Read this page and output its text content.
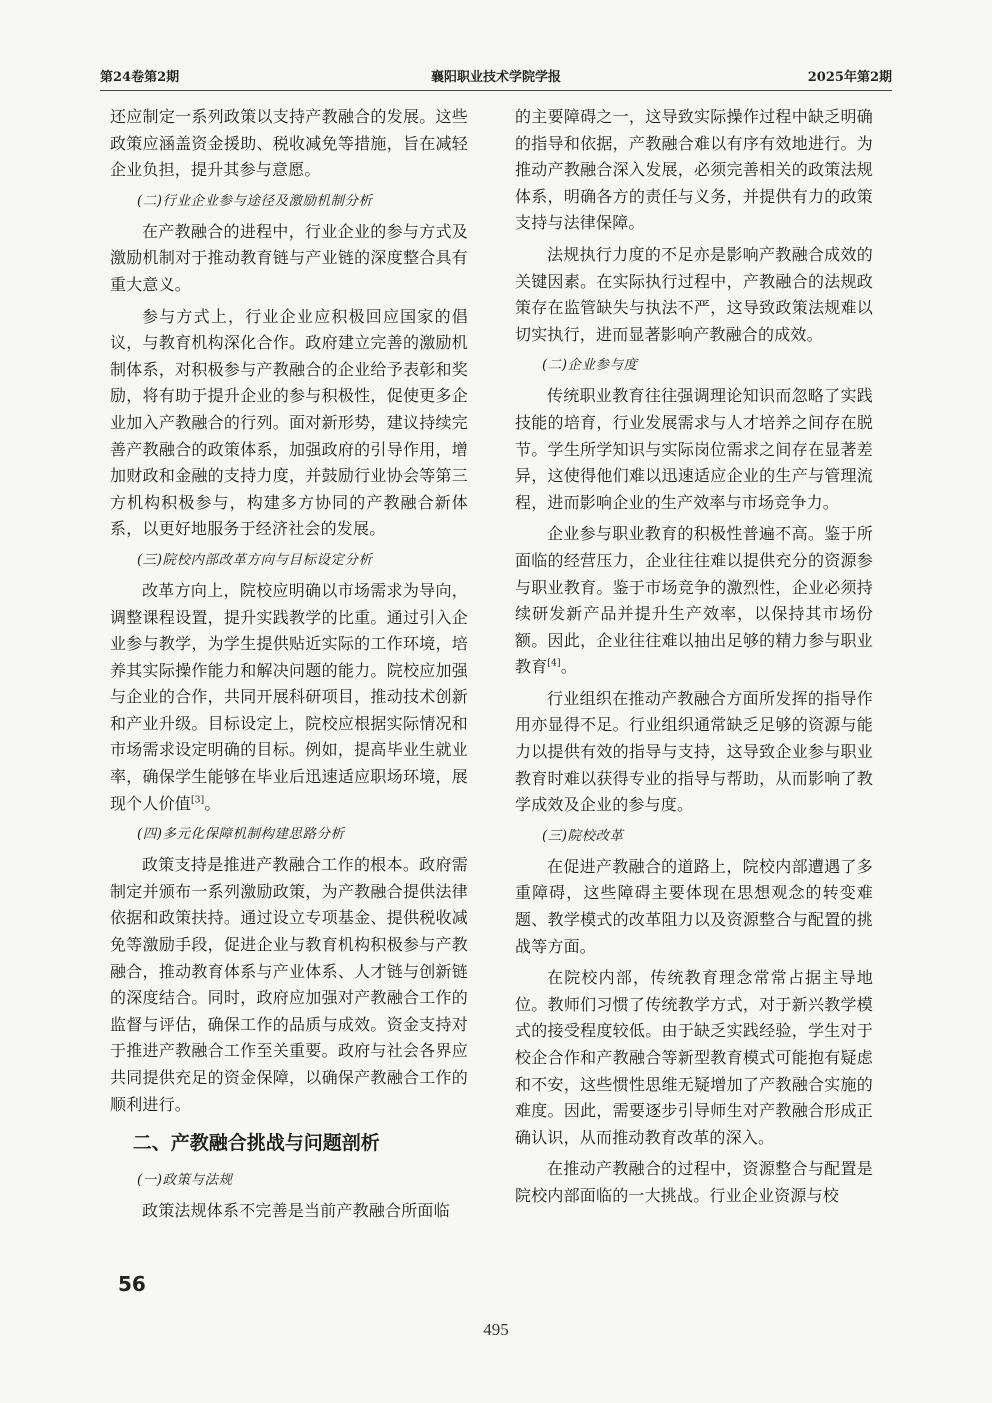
第24卷第2期	襄阳职业技术学院学报	2025年第2期

还应制定一系列政策以支持产教融合的发展。这些政策应涵盖资金援助、税收减免等措施，旨在减轻企业负担，提升其参与意愿。

(二)行业企业参与途径及激励机制分析

在产教融合的进程中，行业企业的参与方式及激励机制对于推动教育链与产业链的深度整合具有重大意义。

参与方式上，行业企业应积极回应国家的倡议，与教育机构深化合作。政府建立完善的激励机制体系，对积极参与产教融合的企业给予表彰和奖励，将有助于提升企业的参与积极性，促使更多企业加入产教融合的行列。面对新形势，建议持续完善产教融合的政策体系，加强政府的引导作用，增加财政和金融的支持力度，并鼓励行业协会等第三方机构积极参与，构建多方协同的产教融合新体系，以更好地服务于经济社会的发展。

(三)院校内部改革方向与目标设定分析

改革方向上，院校应明确以市场需求为导向，调整课程设置，提升实践教学的比重。通过引入企业参与教学，为学生提供贴近实际的工作环境，培养其实际操作能力和解决问题的能力。院校应加强与企业的合作，共同开展科研项目，推动技术创新和产业升级。目标设定上，院校应根据实际情况和市场需求设定明确的目标。例如，提高毕业生就业率，确保学生能够在毕业后迅速适应职场环境，展现个人价值[3]。

(四)多元化保障机制构建思路分析

政策支持是推进产教融合工作的根本。政府需制定并颁布一系列激励政策，为产教融合提供法律依据和政策扶持。通过设立专项基金、提供税收减免等激励手段，促进企业与教育机构积极参与产教融合，推动教育体系与产业体系、人才链与创新链的深度结合。同时，政府应加强对产教融合工作的监督与评估，确保工作的品质与成效。资金支持对于推进产教融合工作至关重要。政府与社会各界应共同提供充足的资金保障，以确保产教融合工作的顺利进行。

二、产教融合挑战与问题剖析
(一)政策与法规

政策法规体系不完善是当前产教融合所面临

的主要障碍之一，这导致实际操作过程中缺乏明确的指导和依据，产教融合难以有序有效地进行。为推动产教融合深入发展，必须完善相关的政策法规体系，明确各方的责任与义务，并提供有力的政策支持与法律保障。

法规执行力度的不足亦是影响产教融合成效的关键因素。在实际执行过程中，产教融合的法规政策存在监管缺失与执法不严，这导致政策法规难以切实执行，进而显著影响产教融合的成效。

(二)企业参与度

传统职业教育往往强调理论知识而忽略了实践技能的培育，行业发展需求与人才培养之间存在脱节。学生所学知识与实际岗位需求之间存在显著差异，这使得他们难以迅速适应企业的生产与管理流程，进而影响企业的生产效率与市场竞争力。

企业参与职业教育的积极性普遍不高。鉴于所面临的经营压力，企业往往难以提供充分的资源参与职业教育。鉴于市场竞争的激烈性，企业必须持续研发新产品并提升生产效率，以保持其市场份额。因此，企业往往难以抽出足够的精力参与职业教育[4]。

行业组织在推动产教融合方面所发挥的指导作用亦显得不足。行业组织通常缺乏足够的资源与能力以提供有效的指导与支持，这导致企业参与职业教育时难以获得专业的指导与帮助，从而影响了教学成效及企业的参与度。

(三)院校改革

在促进产教融合的道路上，院校内部遭遇了多重障碍，这些障碍主要体现在思想观念的转变难题、教学模式的改革阻力以及资源整合与配置的挑战等方面。

在院校内部，传统教育理念常常占据主导地位。教师们习惯了传统教学方式，对于新兴教学模式的接受程度较低。由于缺乏实践经验，学生对于校企合作和产教融合等新型教育模式可能抱有疑虑和不安，这些惯性思维无疑增加了产教融合实施的难度。因此，需要逐步引导师生对产教融合形成正确认识，从而推动教育改革的深入。

在推动产教融合的过程中，资源整合与配置是院校内部面临的一大挑战。行业企业资源与校

56
495
